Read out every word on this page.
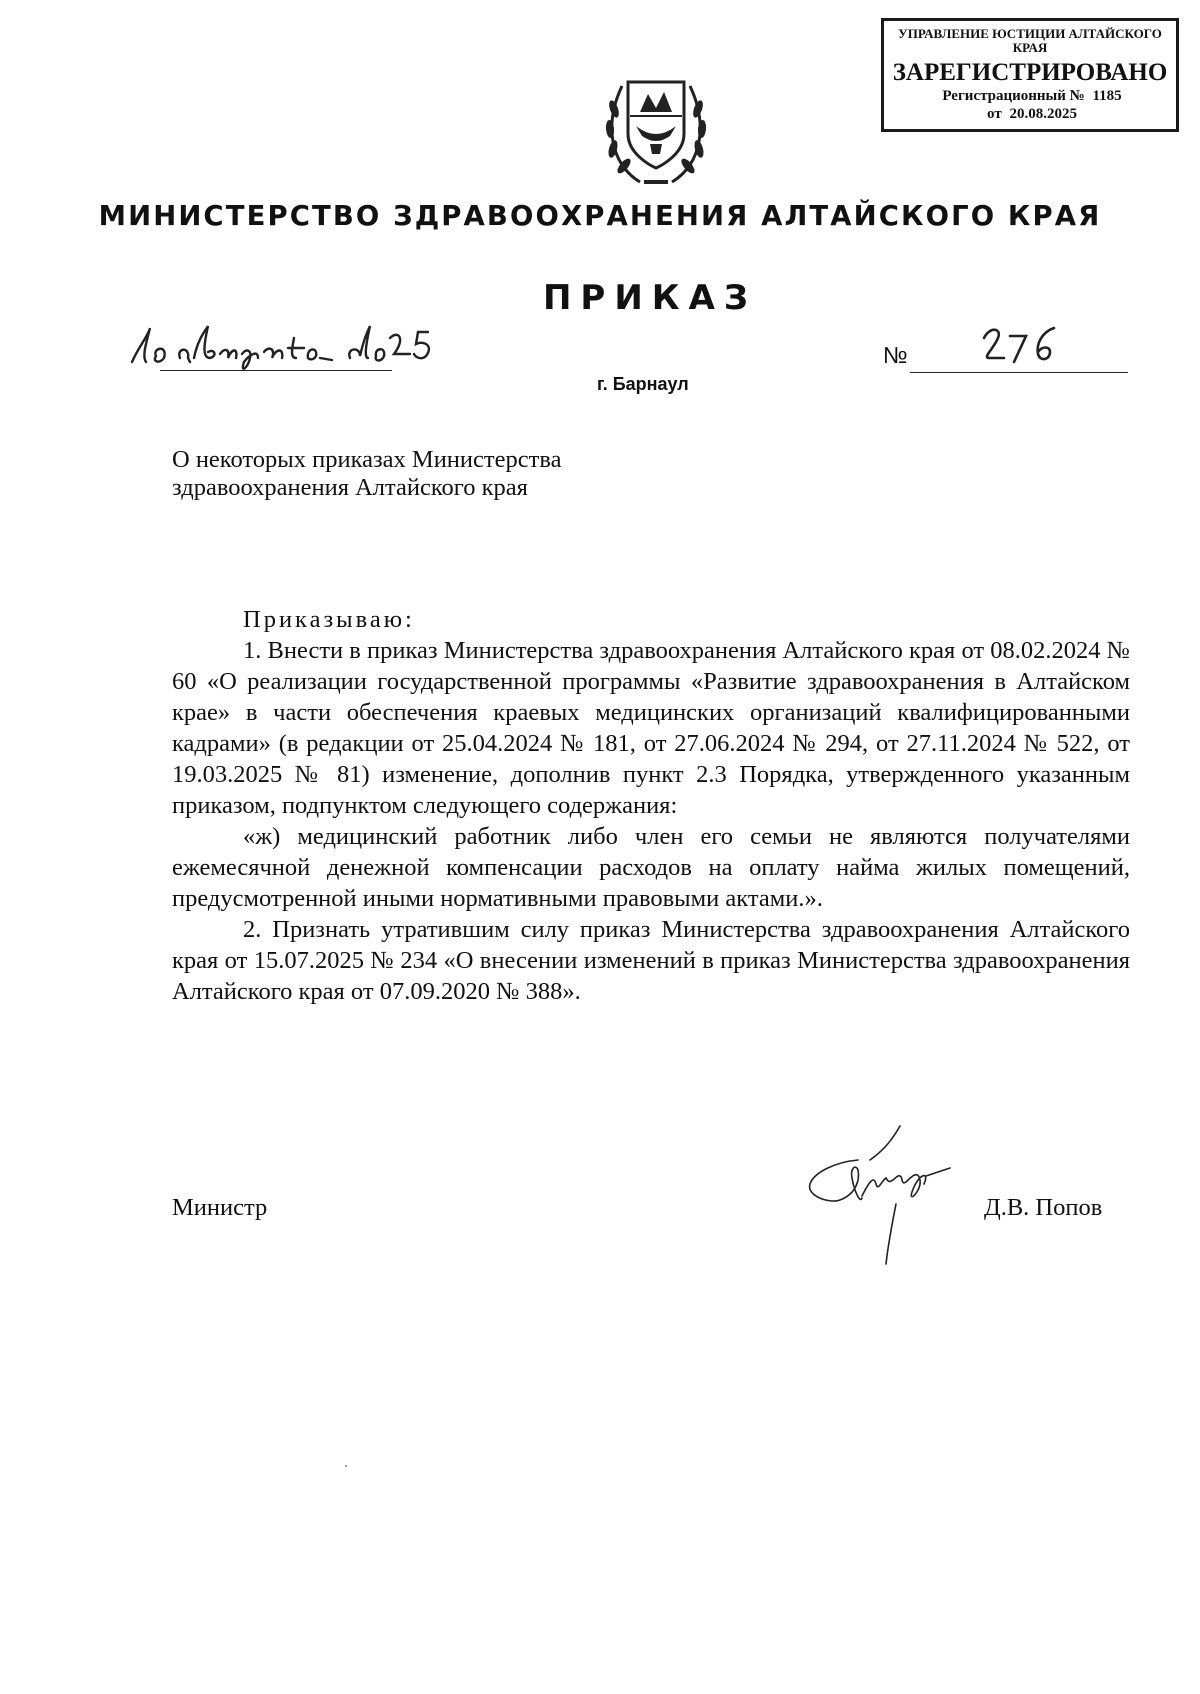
УПРАВЛЕНИЕ ЮСТИЦИИ АЛТАЙСКОГО КРАЯ
ЗАРЕГИСТРИРОВАНО
Регистрационный № 1185
от 20.08.2025
МИНИСТЕРСТВО ЗДРАВООХРАНЕНИЯ АЛТАЙСКОГО КРАЯ
ПРИКАЗ
№
г. Барнаул
О некоторых приказах Министерства здравоохранения Алтайского края

Приказываю:

1. Внести в приказ Министерства здравоохранения Алтайского края от 08.02.2024 № 60 «О реализации государственной программы «Развитие здравоохранения в Алтайском крае» в части обеспечения краевых медицинских организаций квалифицированными кадрами» (в редакции от 25.04.2024 № 181, от 27.06.2024 № 294, от 27.11.2024 № 522, от 19.03.2025 № 81) изменение, дополнив пункт 2.3 Порядка, утвержденного указанным приказом, подпунктом следующего содержания:

«ж) медицинский работник либо член его семьи не являются получателями ежемесячной денежной компенсации расходов на оплату найма жилых помещений, предусмотренной иными нормативными правовыми актами.».

2. Признать утратившим силу приказ Министерства здравоохранения Алтайского края от 15.07.2025 № 234 «О внесении изменений в приказ Министерства здравоохранения Алтайского края от 07.09.2020 № 388».

Министр	Д.В. Попов
